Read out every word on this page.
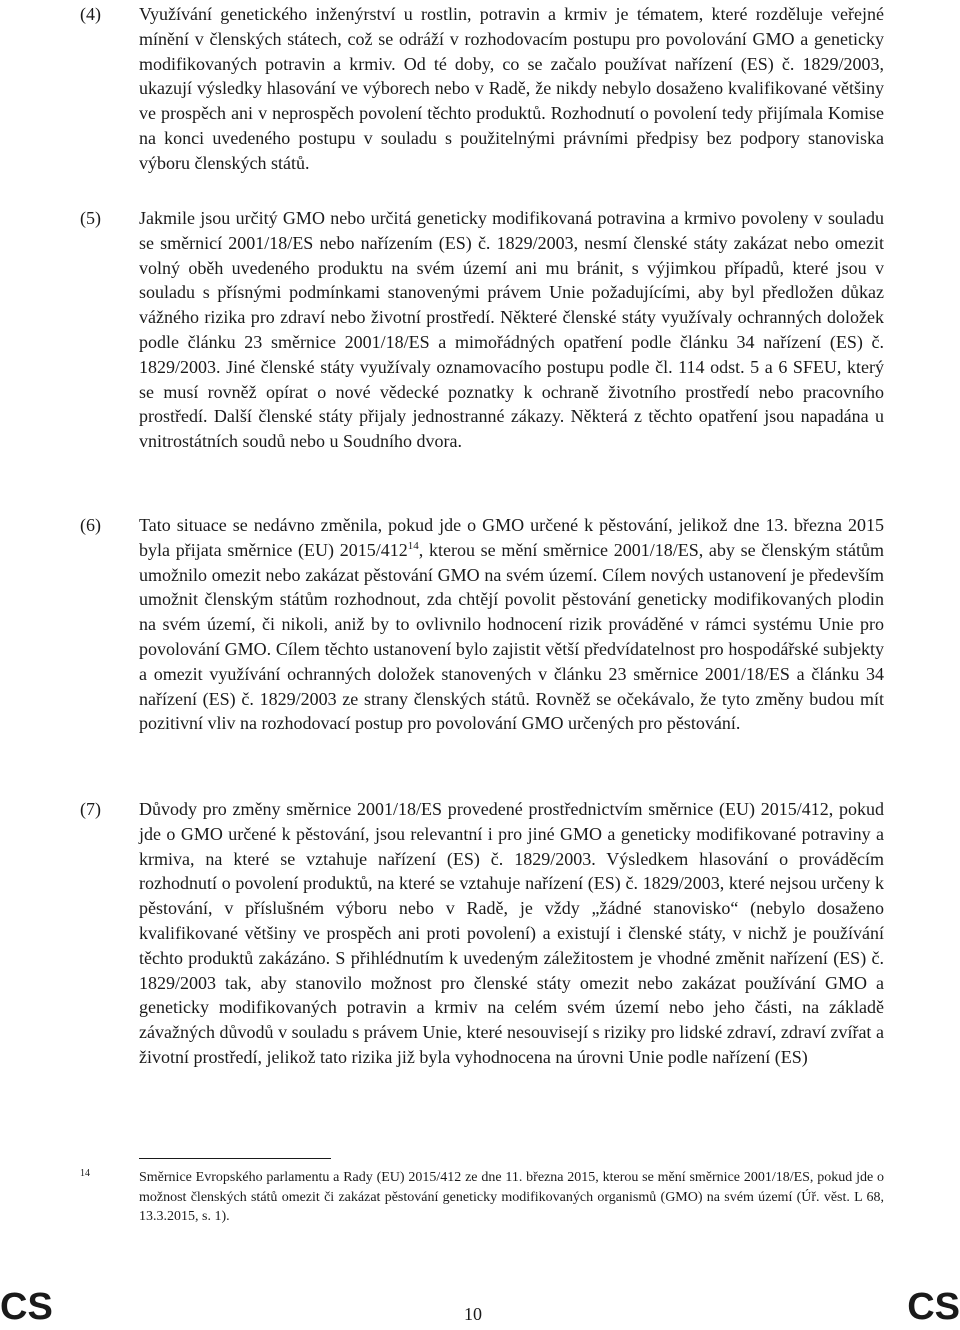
(4) Využívání genetického inženýrství u rostlin, potravin a krmiv je tématem, které rozděluje veřejné mínění v členských státech, což se odráží v rozhodovacím postupu pro povolování GMO a geneticky modifikovaných potravin a krmiv. Od té doby, co se začalo používat nařízení (ES) č. 1829/2003, ukazují výsledky hlasování ve výborech nebo v Radě, že nikdy nebylo dosaženo kvalifikované většiny ve prospěch ani v neprospěch povolení těchto produktů. Rozhodnutí o povolení tedy přijímala Komise na konci uvedeného postupu v souladu s použitelnými právními předpisy bez podpory stanoviska výboru členských států.
(5) Jakmile jsou určitý GMO nebo určitá geneticky modifikovaná potravina a krmivo povoleny v souladu se směrnicí 2001/18/ES nebo nařízením (ES) č. 1829/2003, nesmí členské státy zakázat nebo omezit volný oběh uvedeného produktu na svém území ani mu bránit, s výjimkou případů, které jsou v souladu s přísnými podmínkami stanovenými právem Unie požadujícími, aby byl předložen důkaz vážného rizika pro zdraví nebo životní prostředí. Některé členské státy využívaly ochranných doložek podle článku 23 směrnice 2001/18/ES a mimořádných opatření podle článku 34 nařízení (ES) č. 1829/2003. Jiné členské státy využívaly oznamovacího postupu podle čl. 114 odst. 5 a 6 SFEU, který se musí rovněž opírat o nové vědecké poznatky k ochraně životního prostředí nebo pracovního prostředí. Další členské státy přijaly jednostranné zákazy. Některá z těchto opatření jsou napadána u vnitrostátních soudů nebo u Soudního dvora.
(6) Tato situace se nedávno změnila, pokud jde o GMO určené k pěstování, jelikož dne 13. března 2015 byla přijata směrnice (EU) $2015/412^{14}$, kterou se mění směrnice 2001/18/ES, aby se členským státům umožnilo omezit nebo zakázat pěstování GMO na svém území. Cílem nových ustanovení je především umožnit členským státům rozhodnout, zda chtějí povolit pěstování geneticky modifikovaných plodin na svém území, či nikoli, aniž by to ovlivnilo hodnocení rizik prováděné v rámci systému Unie pro povolování GMO. Cílem těchto ustanovení bylo zajistit větší předvídatelnost pro hospodářské subjekty a omezit využívání ochranných doložek stanovených v článku 23 směrnice 2001/18/ES a článku 34 nařízení (ES) č. 1829/2003 ze strany členských států. Rovněž se očekávalo, že tyto změny budou mít pozitivní vliv na rozhodovací postup pro povolování GMO určených pro pěstování.
(7) Důvody pro změny směrnice 2001/18/ES provedené prostřednictvím směrnice (EU) 2015/412, pokud jde o GMO určené k pěstování, jsou relevantní i pro jiné GMO a geneticky modifikované potraviny a krmiva, na které se vztahuje nařízení (ES) č. 1829/2003. Výsledkem hlasování o prováděcím rozhodnutí o povolení produktů, na které se vztahuje nařízení (ES) č. 1829/2003, které nejsou určeny k pěstování, v příslušném výboru nebo v Radě, je vždy „žádné stanovisko“ (nebylo dosaženo kvalifikované většiny ve prospěch ani proti povolení) a existují i členské státy, v nichž je používání těchto produktů zakázáno. S přihlédnutím k uvedeným záležitostem je vhodné změnit nařízení (ES) č. 1829/2003 tak, aby stanovilo možnost pro členské státy omezit nebo zakázat používání GMO a geneticky modifikovaných potravin a krmiv na celém svém území nebo jeho části, na základě závažných důvodů v souladu s právem Unie, které nesouvisejí s riziky pro lidské zdraví, zdraví zvířat a životní prostředí, jelikož tato rizika již byla vyhodnocena na úrovni Unie podle nařízení (ES)
14	Směrnice Evropského parlamentu a Rady (EU) 2015/412 ze dne 11. března 2015, kterou se mění směrnice 2001/18/ES, pokud jde o možnost členských států omezit či zakázat pěstování geneticky modifikovaných organismů (GMO) na svém území (Úř. věst. L 68, 13.3.2015, s. 1).
CS	10	CS
